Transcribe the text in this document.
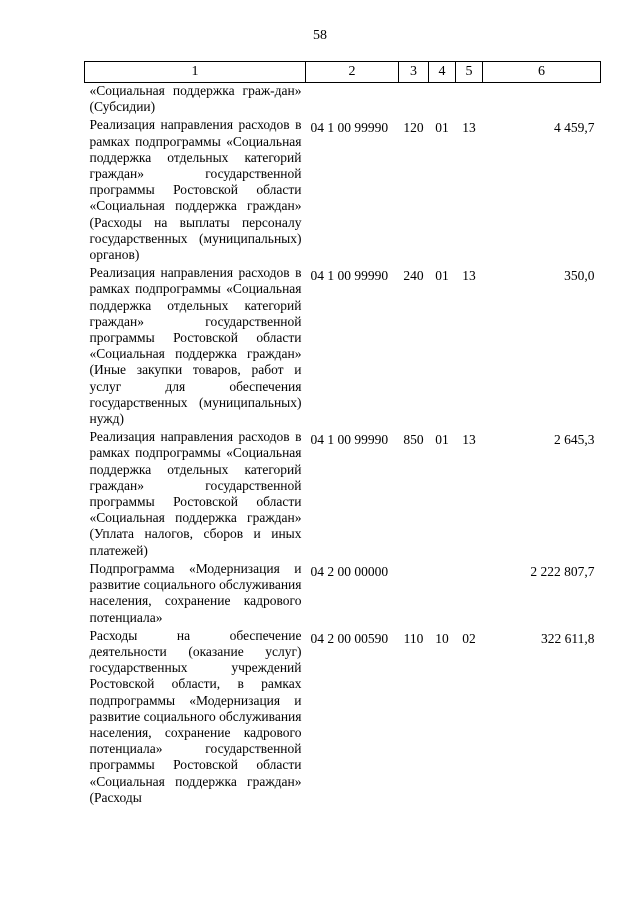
58
1	2	3	4	5	6
«Социальная поддержка граж-дан» (Субсидии)					
Реализация направления расходов в рамках подпрограммы «Социальная поддержка отдельных категорий граждан» государственной программы Ростовской области «Социальная поддержка граждан» (Расходы на выплаты персоналу государственных (муниципальных) органов)	04 1 00 99990	120	01	13	4 459,7
Реализация направления расходов в рамках подпрограммы «Социальная поддержка отдельных категорий граждан» государственной программы Ростовской области «Социальная поддержка граждан» (Иные закупки товаров, работ и услуг для обеспечения государственных (муниципальных) нужд)	04 1 00 99990	240	01	13	350,0
Реализация направления расходов в рамках подпрограммы «Социальная поддержка отдельных категорий граждан» государственной программы Ростовской области «Социальная поддержка граждан» (Уплата налогов, сборов и иных платежей)	04 1 00 99990	850	01	13	2 645,3
Подпрограмма «Модернизация и развитие социального обслуживания населения, сохранение кадрового потенциала»	04 2 00 00000				2 222 807,7
Расходы на обеспечение деятельности (оказание услуг) государственных учреждений Ростовской области, в рамках подпрограммы «Модернизация и развитие социального обслуживания населения, сохранение кадрового потенциала» государственной программы Ростовской области «Социальная поддержка граждан» (Расходы	04 2 00 00590	110	10	02	322 611,8
